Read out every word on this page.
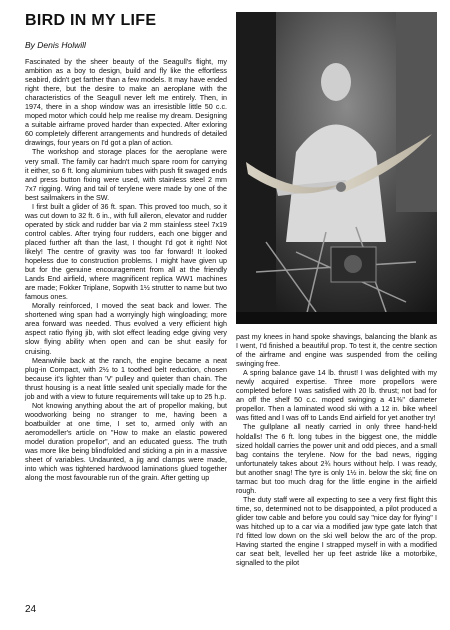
BIRD IN MY LIFE
By Denis Holwill

Fascinated by the sheer beauty of the Seagull's flight, my ambition as a boy to design, build and fly like the effortless seabird, didn't get farther than a few models. It may have ended right there, but the desire to make an aeroplane with the characteristics of the Seagull never left me entirely. Then, in 1974, there in a shop window was an irresistible little 50 c.c. moped motor which could help me realise my dream. Designing a suitable airframe proved harder than expected. After exloring 60 completely different arrangements and hundreds of detailed drawings, four years on I'd got a plan of action.

The workshop and storage places for the aeroplane were very small. The family car hadn't much spare room for carrying it either, so 6 ft. long aluminium tubes with push fit swaged ends and press button fixing were used, with stainless steel 2 mm 7x7 rigging. Wing and tail of terylene were made by one of the best sailmakers in the SW.

I first built a glider of 36 ft. span. This proved too much, so it was cut down to 32 ft. 6 in., with full aileron, elevator and rudder operated by stick and rudder bar via 2 mm stainless steel 7x19 control cables. After trying four rudders, each one bigger and placed further aft than the last, I thought I'd got it right! Not likely! The centre of gravity was too far forward! It looked hopeless due to construction problems. I might have given up but for the genuine encouragement from all at the friendly Lands End airfield, where magnificent replica WW1 machines are made; Fokker Triplane, Sopwith 1½ strutter to name but two famous ones.

Morally reinforced, I moved the seat back and lower. The shortened wing span had a worryingly high wingloading; more area forward was needed. Thus evolved a very efficient high aspect ratio flying jib, with slot effect leading edge giving very slow flying ability when open and can be shut easily for cruising.

Meanwhile back at the ranch, the engine became a neat plug-in Compact, with 2½ to 1 toothed belt reduction, chosen because it's lighter than 'V' pulley and quieter than chain. The thrust housing is a neat little sealed unit specially made for the job and with a view to future requirements will take up to 25 h.p.

Not knowing anything about the art of propellor making, but woodworking being no stranger to me, having been a boatbuilder at one time, I set to, armed only with an aeromodeller's article on "How to make an elastic powered model duration propellor", and an educated guess. The truth was more like being blindfolded and sticking a pin in a massive sheet of variables. Undaunted, a jig and clamps were made, into which was tightened hardwood laminations glued together along the most favourable run of the grain. After getting up

past my knees in hand spoke shavings, balancing the blank as I went, I'd finished a beautiful prop. To test it, the centre section of the airframe and engine was suspended from the ceiling swinging free.

A spring balance gave 14 lb. thrust! I was delighted with my newly acquired expertise. Three more propellors were completed before I was satisfied with 20 lb. thrust; not bad for an off the shelf 50 c.c. moped swinging a 41⅜" diameter propellor. Then a laminated wood ski with a 12 in. bike wheel was fitted and I was off to Lands End airfield for yet another try!

The gullplane all neatly carried in only three hand-held holdalls! The 6 ft. long tubes in the biggest one, the middle sized holdall carries the power unit and odd pieces, and a small bag contains the terylene. Now for the bad news, rigging unfortunately takes about 2¾ hours without help. I was ready, but another snag! The tyre is only 1½ in. below the ski; fine on tarmac but too much drag for the little engine in the airfield rough.

The duty staff were all expecting to see a very first flight this time, so, determined not to be disappointed, a pilot produced a glider tow cable and before you could say "nice day for flying" I was hitched up to a car via a modified jaw type gate latch that I'd fitted low down on the ski well below the arc of the prop. Having started the engine I strapped myself in with a modified car seat belt, levelled her up feet astride like a motorbike, signalled to the pilot

24
